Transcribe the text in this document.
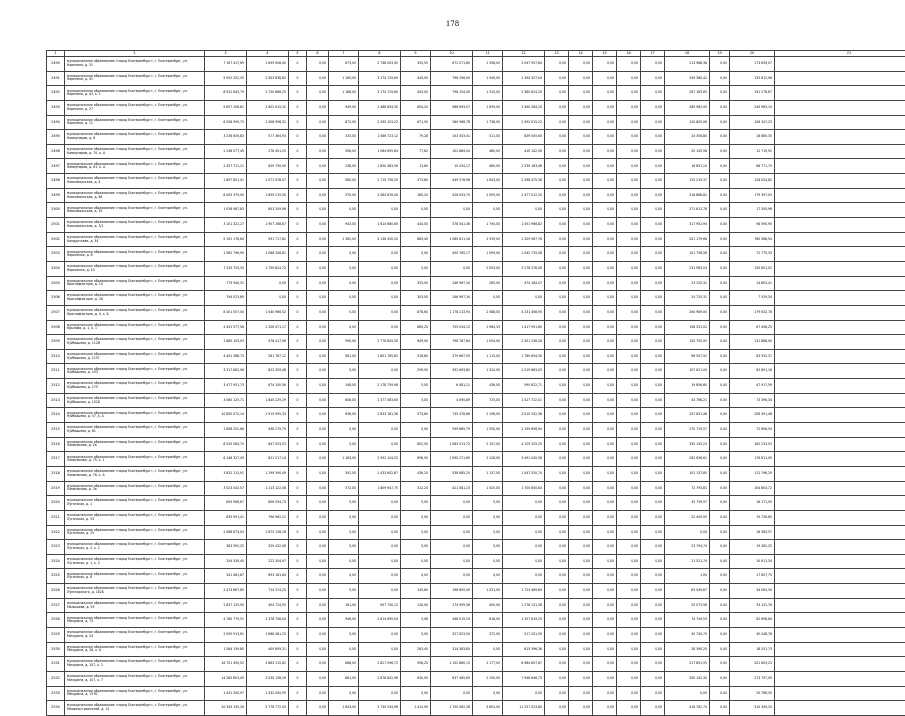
178
1	2	3	4	5	6	7	8	9	10	11	12	13	14	15	16	17	18	19	20	21
2490	муниципальное образование «город Екатеринбург», г. Екатеринбург, ул. Корепина, д. 31	7 167 417,69	1 659 008,40	0	0,00	873,00	2 748 003,45	353,50	672 071,80	1 358,00	2 047 957,84	0,00	0,00	0,00	0,00	0,00	213 988,36	0,00	173 639,07	
2491	муниципальное образование «город Екатеринбург», г. Екатеринбург, ул. Корепина, д. 41	5 952 252,35	2 003 638,82	0	0,00	1 160,00	3 174 729,60	443,00	796 296,00	1 540,00	2 394 327,04	0,00	0,00	0,00	0,00	0,00	249 380,42	0,00	135 612,96	
2492	муниципальное образование «город Екатеринбург», г. Екатеринбург, ул. Корепина, д. 43, к. 1	8 931 645,79	2 750 686,25	0	0,00	1 168,00	3 174 729,60	443,00	796 154,40	1 510,00	2 360 624,20	0,00	0,00	0,00	0,00	0,00	267 183,65	0,00	191 278,87	
2493	муниципальное образование «город Екатеринбург», г. Екатеринбург, ул. Корепина, д. 27	9 857 106,81	2 602 615,32	0	0,00	949,00	2 488 654,30	604,20	986 693,57	1 639,00	2 490 284,20	0,00	0,00	0,00	0,00	0,00	289 962,95	0,00	249 983,10	
2494	муниципальное образование «город Екатеринбург», г. Екатеринбург, ул. Корепина, д. 11	6 558 995,75	1 508 998,32	0	0,00	872,00	2 295 153,22	671,50	280 968,78	1 738,00	2 492 615,22	0,00	0,00	0,00	0,00	0,00	120 805,08	0,00	106 347,23	
2495	муниципальное образование «город Екатеринбург», г. Екатеринбург, ул. Коммунаров, д. 8	3 236 635,83	577 364,93	0	0,00	333,00	1 586 723,12	79,28	103 453,41	511,00	839 005,60	0,00	0,00	0,00	0,00	0,00	24 358,80	0,00	16 865,35	
2496	муниципальное образование «город Екатеринбург», г. Екатеринбург, ул. Коммунаров, д. 70, к. А	2 248 077,49	278 451,25	0	0,00	306,00	1 064 695,64	77,62	102 884,04	480,00	410 142,56	0,00	0,00	0,00	0,00	0,00	20 143,58	0,00	12 719,92	
2497	муниципальное образование «город Екатеринбург», г. Екатеринбург, ул. Коммунаров, д. 61, к. А	2 457 721,11	629 730,90	0	0,00	238,00	1 850 483,56	13,60	10 434,17	460,00	1 539 183,46	0,00	0,00	0,00	0,00	0,00	16 651,10	0,00	68 771,75	
2498	муниципальное образование «город Екатеринбург», г. Екатеринбург, ул. Комсомольская, д. 4	1 897 851,41	1 071 978,07	0	0,00	580,00	2 710 756,20	373,60	449 578,96	1 643,00	2 298 475,36	0,00	0,00	0,00	0,00	0,00	125 219,37	0,00	128 024,82	
2499	муниципальное образование «город Екатеринбург», г. Екатеринбург, ул. Комсомольская, д. 48	8 005 379,40	1 899 215,30	0	0,00	570,00	2 064 676,40	189,20	526 053,70	2 095,00	2 477 012,20	0,00	0,00	0,00	0,00	0,00	318 868,62	0,00	179 397,03	
2500	муниципальное образование «город Екатеринбург», г. Екатеринбург, ул. Комсомольская, д. 10	1 036 987,83	803 209,96	0	0,00	0,00	0,00	0,00	0,00	0,00	0,00	0,00	0,00	0,00	0,00	0,00	271 612,78	0,00	17 305,96	
2501	муниципальное образование «город Екатеринбург», г. Екатеринбург, ул. Комсомольская, д. 3/1	3 101 322,27	1 907 268,87	0	0,00	943,00	1 614 680,60	444,00	378 341,36	1 794,00	1 051 966,82	0,00	0,00	0,00	0,00	0,00	317 952,94	0,00	98 590,95	
2502	муниципальное образование «город Екатеринбург», г. Екатеринбург, ул. Кондратьева, д. 34	9 102 176,64	591 717,82	0	0,00	1 362,00	4 136 430,20	683,40	1 080 611,16	2 539,00	2 209 967,76	0,00	0,00	0,00	0,00	0,00	201 179,66	0,00	760 568,54	
2503	муниципальное образование «город Екатеринбург», г. Екатеринбург, ул. Короленко, д. 8	1 962 796,99	1 068 206,61	0	0,00	0,00	0,00	0,00	450 765,17	1 099,00	1 042 735,58	0,00	0,00	0,00	0,00	0,00	101 756,58	0,00	72 770,33	
2504	муниципальное образование «город Екатеринбург», г. Екатеринбург, ул. Короленко, д. 10	7 310 753,35	1 759 824,72	0	0,00	0,00	0,00	0,00	0,00	2 053,00	3 278 276,40	0,00	0,00	0,00	0,00	0,00	231 963,53	0,00	150 601,02	
2505	муниципальное образование «город Екатеринбург», г. Екатеринбург, ул. Краснофлотцев, д. 10	775 940,31	0,00	0	0,00	0,00	0,00	353,00	246 967,34	285,00	474 184,47	0,00	0,00	0,00	0,00	0,00	23 220,31	0,00	14 803,41	
2506	муниципальное образование «город Екатеринбург», г. Екатеринбург, ул. Краснофлотцев, д. 28	794 023,69	0,00	0	0,00	0,00	0,00	303,00	246 967,34	0,00	0,00	0,00	0,00	0,00	0,00	0,00	24 720,31	0,00	7 529,34	
2507	муниципальное образование «город Екатеринбург», г. Екатеринбург, ул. Краснофлотцев, д. 4, к. Б	8 401 057,04	1 040 966,52	0	0,00	0,00	0,00	878,60	1 178 213,94	2 588,00	4 231 458,90	0,00	0,00	0,00	0,00	0,00	264 989,00	0,00	179 632,78	
2508	муниципальное образование «город Екатеринбург», г. Екатеринбург, ул. Крылова, д. 1, к. 1	4 431 577,56	2 206 471,17	0	0,00	0,00	0,00	865,20	755 034,12	1 964,33	1 417 991,80	0,00	0,00	0,00	0,00	0,00	158 331,02	0,00	87 456,25	
2509	муниципальное образование «город Екатеринбург», г. Екатеринбург, ул. Куйбышева, д. 112В	1 880 103,03	476 417,06	0	0,00	590,00	2 778 805,30	649,00	796 787,84	1 004,00	2 501 236,26	0,00	0,00	0,00	0,00	0,00	155 705,92	0,00	131 868,00	
2510	муниципальное образование «город Екатеринбург», г. Екатеринбург, ул. Куйбышева, д. 115Г	4 491 388,73	261 767,12	0	0,00	981,00	1 601 765,62	316,60	379 667,55	1 115,00	1 760 654,30	0,00	0,00	0,00	0,00	0,00	98 507,92	0,00	83 932,37	
2511	муниципальное образование «город Екатеринбург», г. Екатеринбург, ул. Куйбышева, д. 103	3 317 662,06	823 359,48	0	0,00	0,00	0,00	259,50	392 693,80	1 324,00	2 019 663,03	0,00	0,00	0,00	0,00	0,00	107 621,00	0,00	62 891,16	
2512	муниципальное образование «город Екатеринбург», г. Екатеринбург, ул. Куйбышева, д. 175	3 477 951,73	674 150,56	0	0,00	148,00	2 178 759,98	5,00	6 481,11	436,00	590 622,71	0,00	0,00	0,00	0,00	0,00	19 856,60	0,00	47 917,59	
2513	муниципальное образование «город Екатеринбург», г. Екатеринбург, ул. Куйбышева, д. 102Б	3 060 125,71	1 845 229,29	0	0,00	846,00	2 377 563,60	3,00	4 090,89	725,00	1 027 722,01	0,00	0,00	0,00	0,00	0,00	43 768,21	0,00	73 396,34	
2514	муниципальное образование «город Екатеринбург», г. Екатеринбург, ул. Куйбышева, д. 57, к. А	10 850 072,14	1 915 995,33	0	0,00	636,00	2 633 161,36	573,60	735 478,86	2 198,00	3 010 332,36	0,00	0,00	0,00	0,00	0,00	247 831,46	0,00	208 491,48	
2515	муниципальное образование «город Екатеринбург», г. Екатеринбург, ул. Куйбышева, д. 61	1 858 252,66	438 279,70	0	0,00	0,00	0,00	0,00	599 865,79	1 550,00	2 199 858,94	0,00	0,00	0,00	0,00	0,00	270 719,57	0,00	72 606,54	
2516	муниципальное образование «город Екатеринбург», г. Екатеринбург, ул. Ломоносова, д. 2а	8 529 564,70	847 553,53	0	0,00	0,00	0,00	802,50	1 063 513,72	2 107,00	4 129 325,25	0,00	0,00	0,00	0,00	0,00	335 143,23	0,00	162 233,53	
2517	муниципальное образование «город Екатеринбург», г. Екатеринбург, ул. Ломоносова, д. 75, к. 1	6 146 327,49	821 217,14	0	0,00	1 163,00	2 592 104,52	898,50	1 090 271,89	2 128,00	3 491 045,58	0,00	0,00	0,00	0,00	0,00	262 636,61	0,00	176 611,09	
2518	муниципальное образование «город Екатеринбург», г. Екатеринбург, ул. Ломоносова, д. 78, к. А	3 832 113,91	1 299 390,49	0	0,00	392,00	1 433 602,87	436,20	538 685,25	1 137,00	1 047 520,74	0,00	0,00	0,00	0,00	0,00	102 137,85	0,00	112 796,29	
2519	муниципальное образование «город Екатеринбург», г. Екатеринбург, ул. Ломоносова, д. 3а	3 523 042,57	1 213 122,08	0	0,00	572,00	1 809 947,75	312,20	421 081,23	1 020,00	1 700 850,84	0,00	0,00	0,00	0,00	0,00	72 793,81	0,00	104 803,72	
2520	муниципальное образование «город Екатеринбург», г. Екатеринбург, ул. Луганская, д. 1	859 068,67	806 554,73	0	0,00	0,00	0,00	0,00	0,00	0,00	0,00	0,00	0,00	0,00	0,00	0,00	35 739,97	0,00	16 171,59	
2521	муниципальное образование «город Екатеринбург», г. Екатеринбург, ул. Луганская, д. 53	835 091,41	796 962,21	0	0,00	0,00	0,00	0,00	0,00	0,00	0,00	0,00	0,00	0,00	0,00	0,00	22 409,55	0,00	15 728,65	
2522	муниципальное образование «город Екатеринбург», г. Екатеринбург, ул. Луганская, д. 25	2 086 673,03	1 873 138,16	0	0,00	0,00	0,00	0,00	0,00	0,00	0,00	0,00	0,00	0,00	0,00	0,00	0,00	0,00	16 383,57	
2523	муниципальное образование «город Екатеринбург», г. Екатеринбург, ул. Луганская, д. 2, к. 1	363 592,25	329 432,06	0	0,00	0,00	0,00	0,00	0,00	0,00	0,00	0,00	0,00	0,00	0,00	0,00	23 794,74	0,00	19 382,25	
2524	муниципальное образование «город Екатеринбург», г. Екатеринбург, ул. Луганская, д. 1, к. 2	254 530,40	222 204,97	0	0,00	0,00	0,00	0,00	0,00	0,00	0,00	0,00	0,00	0,00	0,00	0,00	21 521,74	0,00	10 811,34	
2525	муниципальное образование «город Екатеринбург», г. Екатеринбург, ул. Луганская, д. 8	341 481,87	693 161,64	0	0,00	0,00	0,00	0,00	0,00	0,00	0,00	0,00	0,00	0,00	0,00	0,00	1,00	0,00	17 857,75	
2526	муниципальное образование «город Екатеринбург», г. Екатеринбург, ул. Луначарского, д. 182Б	2 474 867,85	714 374,25	0	0,00	0,00	0,00	145,60	198 605,49	1 031,00	1 723 469,84	0,00	0,00	0,00	0,00	0,00	83 549,67	0,00	34 063,30	
2527	муниципальное образование «город Екатеринбург», г. Екатеринбург, ул. Малышева, д. 29	2 837 129,50	404 724,95	0	0,00	161,00	907 740,12	126,00	174 959,36	400,00	1 276 131,36	0,00	0,00	0,00	0,00	0,00	25 073,96	0,00	33 131,76	
2528	муниципальное образование «город Екатеринбург», г. Екатеринбург, ул. Мичурина, д. 73	4 780 779,51	1 378 708,04	0	0,00	946,00	2 614 690,04	3,08	446 019,24	618,00	1 207 619,25	0,00	0,00	0,00	0,00	0,00	74 749,53	0,00	82 698,84	
2529	муниципальное образование «город Екатеринбург», г. Екатеринбург, ул. Мичурина, д. 24	2 095 913,61	1 668 481,25	0	0,00	0,00	0,00	0,00	327 823,50	372,00	517 201,39	0,00	0,00	0,00	0,00	0,00	40 745,75	0,00	40 048,78	
2530	муниципальное образование «город Екатеринбург», г. Екатеринбург, ул. Мичурина, д. 26, к. А	1 584 159,80	409 809,31	0	0,00	0,00	0,00	263,40	314 383,85	0,00	615 396,36	0,00	0,00	0,00	0,00	0,00	28 390,20	0,00	18 251,73	
2531	муниципальное образование «город Екатеринбург», г. Екатеринбург, ул. Мичурина, д. 107, к. 2	16 701 490,52	3 683 115,82	0	0,00	868,00	2 827 096,72	958,20	1 152 860,15	2 177,00	6 984 807,87	0,00	0,00	0,00	0,00	0,00	217 851,55	0,00	201 603,23	
2532	муниципальное образование «город Екатеринбург», г. Екатеринбург, ул. Мичурина, д. 107, к. 7	14 265 803,49	3 030 158,39	0	0,00	861,00	2 678 602,98	630,00	837 465,85	2 150,00	7 948 846,73	0,00	0,00	0,00	0,00	0,00	200 142,30	0,00	273 707,09	
2533	муниципальное образование «город Екатеринбург», г. Екатеринбург, ул. Мичурина, д. 157Б	1 441 350,97	1 432 000,95	0	0,00	0,00	0,00	0,00	0,00	0,00	0,00	0,00	0,00	0,00	0,00	0,00	0,00	0,00	20 786,35	
2534	муниципальное образование «город Екатеринбург», г. Екатеринбург, ул. Машиностроителей, д. 12	20 345 135,26	5 778 772,43	0	0,00	1 843,00	5 730 534,96	1 412,90	1 750 062,26	3 603,00	11 257 023,80	0,00	0,00	0,00	0,00	0,00	418 762,74	0,00	310 349,25	
